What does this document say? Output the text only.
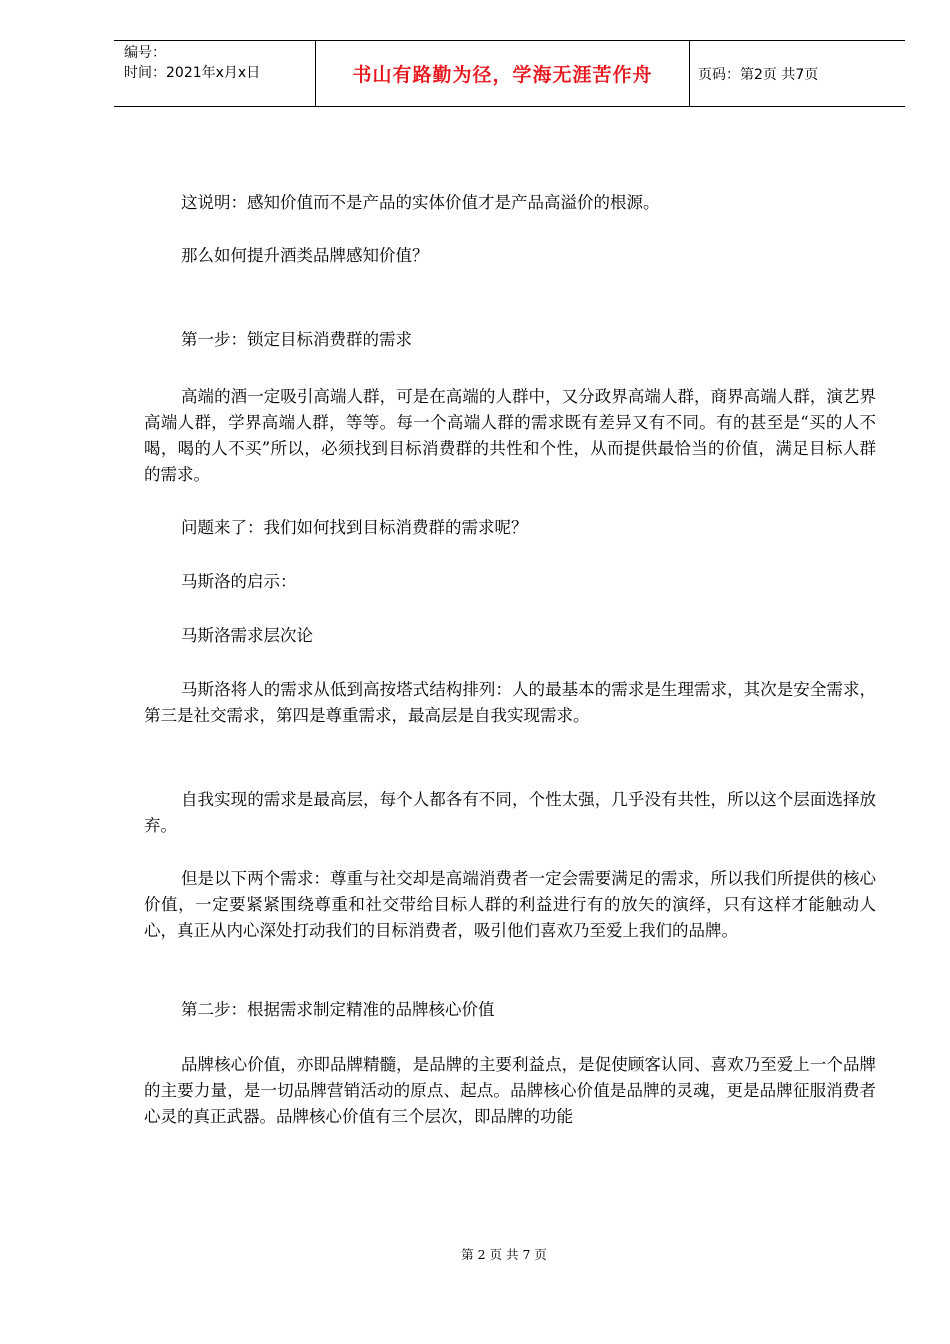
编号：
时间：2021年x月x日	书山有路勤为径，学海无涯苦作舟	页码：第2页 共7页

这说明：感知价值而不是产品的实体价值才是产品高溢价的根源。

那么如何提升酒类品牌感知价值？

第一步：锁定目标消费群的需求

高端的酒一定吸引高端人群，可是在高端的人群中，又分政界高端人群，商界高端人群，演艺界高端人群，学界高端人群，等等。每一个高端人群的需求既有差异又有不同。有的甚至是“买的人不喝，喝的人不买”所以，必须找到目标消费群的共性和个性，从而提供最恰当的价值，满足目标人群的需求。

问题来了：我们如何找到目标消费群的需求呢？

马斯洛的启示：

马斯洛需求层次论

马斯洛将人的需求从低到高按塔式结构排列：人的最基本的需求是生理需求，其次是安全需求，第三是社交需求，第四是尊重需求，最高层是自我实现需求。

自我实现的需求是最高层，每个人都各有不同，个性太强，几乎没有共性，所以这个层面选择放弃。

但是以下两个需求：尊重与社交却是高端消费者一定会需要满足的需求，所以我们所提供的核心价值，一定要紧紧围绕尊重和社交带给目标人群的利益进行有的放矢的演绎，只有这样才能触动人心，真正从内心深处打动我们的目标消费者，吸引他们喜欢乃至爱上我们的品牌。

第二步：根据需求制定精准的品牌核心价值

品牌核心价值，亦即品牌精髓，是品牌的主要利益点，是促使顾客认同、喜欢乃至爱上一个品牌的主要力量，是一切品牌营销活动的原点、起点。品牌核心价值是品牌的灵魂，更是品牌征服消费者心灵的真正武器。品牌核心价值有三个层次，即品牌的功能

第 2 页 共 7 页
